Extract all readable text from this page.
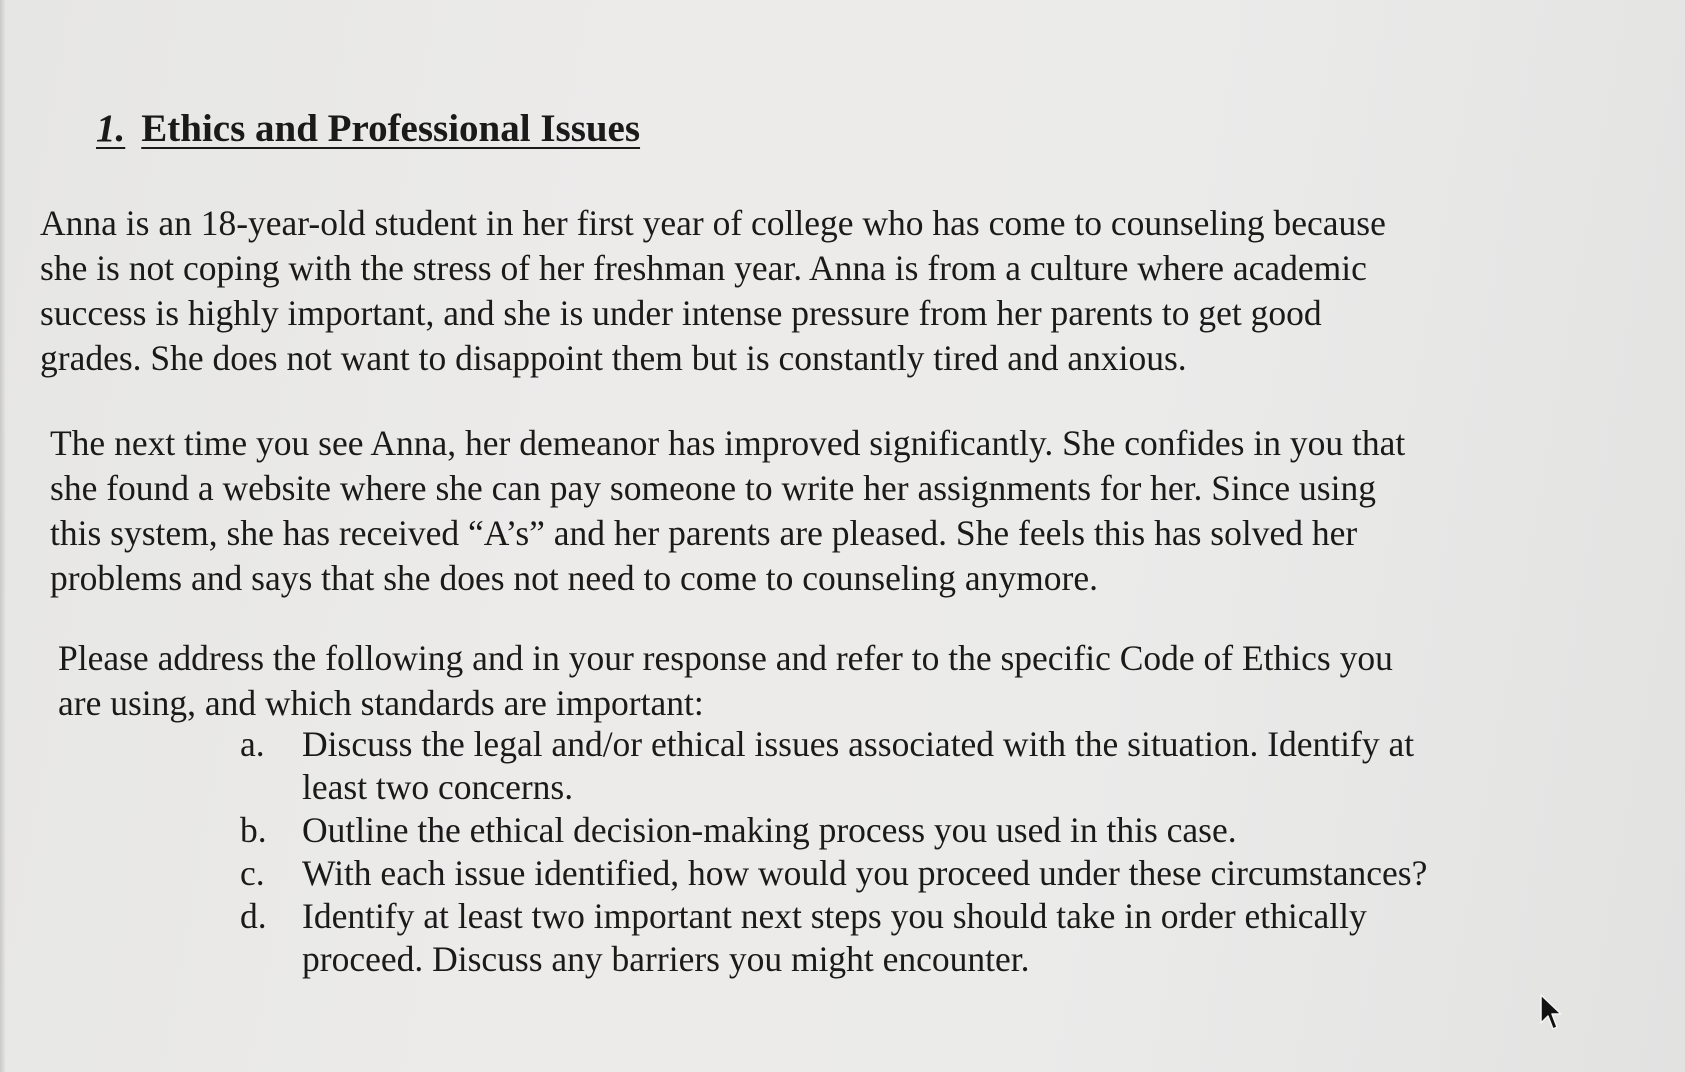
1. Ethics and Professional Issues

Anna is an 18-year-old student in her first year of college who has come to counseling because
she is not coping with the stress of her freshman year. Anna is from a culture where academic
success is highly important, and she is under intense pressure from her parents to get good
grades. She does not want to disappoint them but is constantly tired and anxious.

The next time you see Anna, her demeanor has improved significantly. She confides in you that
she found a website where she can pay someone to write her assignments for her. Since using
this system, she has received “A’s” and her parents are pleased. She feels this has solved her
problems and says that she does not need to come to counseling anymore.

Please address the following and in your response and refer to the specific Code of Ethics you
are using, and which standards are important:

a. Discuss the legal and/or ethical issues associated with the situation. Identify at
least two concerns.
b. Outline the ethical decision-making process you used in this case.
c. With each issue identified, how would you proceed under these circumstances?
d. Identify at least two important next steps you should take in order ethically
proceed. Discuss any barriers you might encounter.
